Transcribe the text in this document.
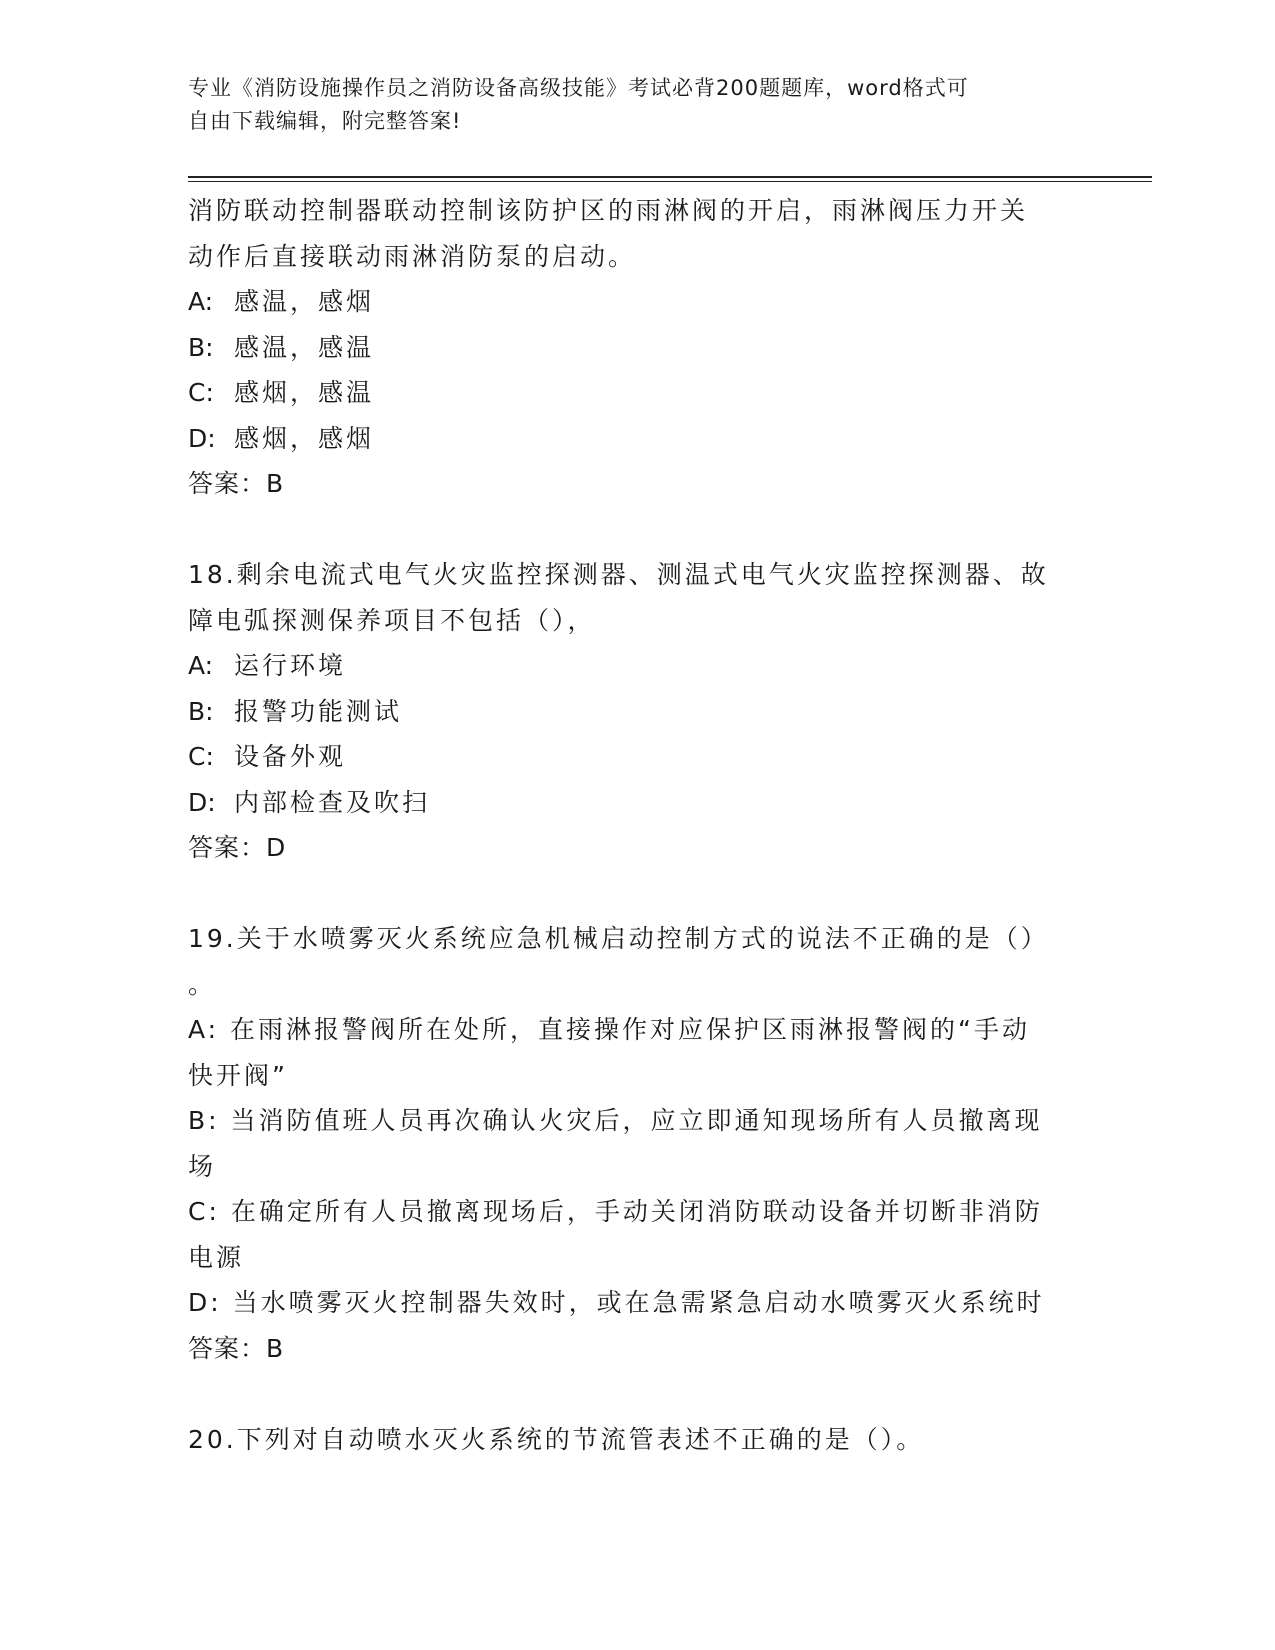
专业《消防设施操作员之消防设备高级技能》考试必背200题题库，word格式可
自由下载编辑，附完整答案!
消防联动控制器联动控制该防护区的雨淋阀的开启，雨淋阀压力开关
动作后直接联动雨淋消防泵的启动。
A: 感温，感烟
B: 感温，感温
C: 感烟，感温
D: 感烟，感烟
答案：B
18.剩余电流式电气火灾监控探测器、测温式电气火灾监控探测器、故
障电弧探测保养项目不包括（），
A: 运行环境
B: 报警功能测试
C: 设备外观
D: 内部检查及吹扫
答案：D
19.关于水喷雾灭火系统应急机械启动控制方式的说法不正确的是（）
。
A: 在雨淋报警阀所在处所，直接操作对应保护区雨淋报警阀的“手动
快开阀”
B: 当消防值班人员再次确认火灾后，应立即通知现场所有人员撤离现
场
C: 在确定所有人员撤离现场后，手动关闭消防联动设备并切断非消防
电源
D: 当水喷雾灭火控制器失效时，或在急需紧急启动水喷雾灭火系统时
答案：B
20.下列对自动喷水灭火系统的节流管表述不正确的是（）。
